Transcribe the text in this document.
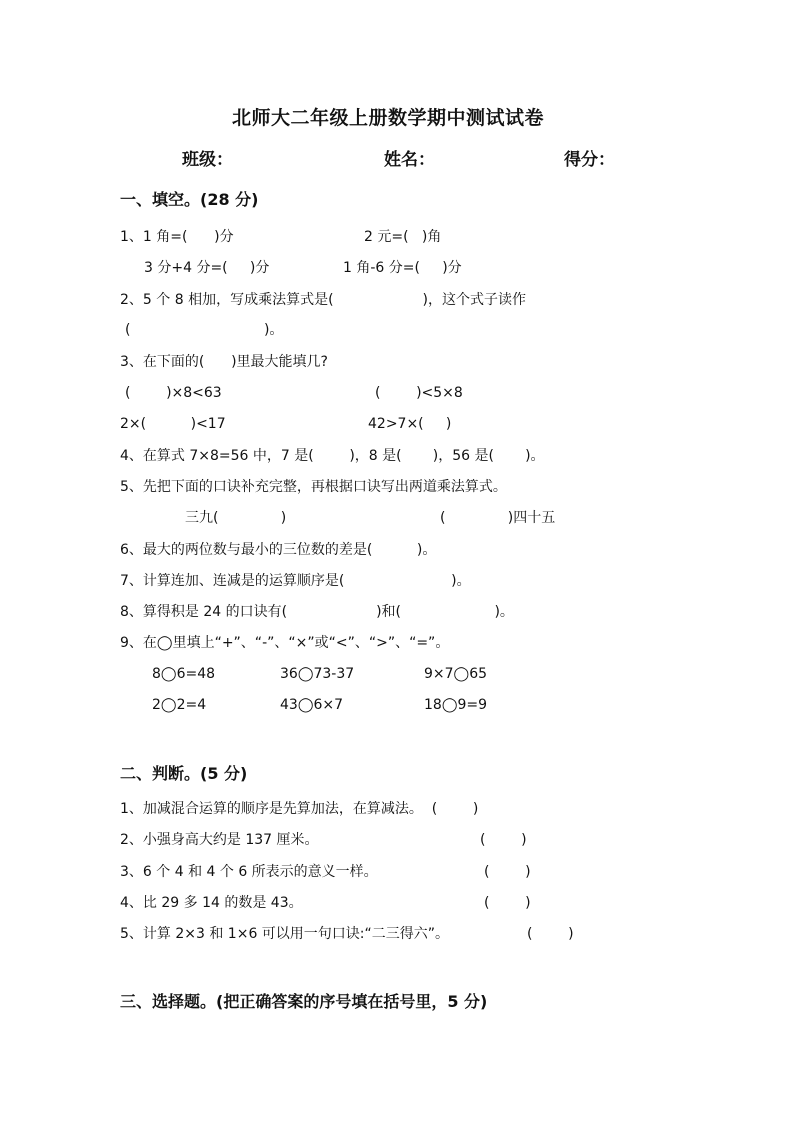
北师大二年级上册数学期中测试试卷
班级：	姓名：	得分：
一、填空。(28 分)
1、1 角=(      )分	2 元=(   )角
3 分+4 分=(     )分	1 角-6 分=(     )分
2、5 个 8 相加，写成乘法算式是(                    )，这个式子读作
(                              )。
3、在下面的(      )里最大能填几?
(        )×8<63	(        )<5×8
2×(          )<17	42>7×(     )
4、在算式 7×8=56 中，7 是(        )，8 是(       )，56 是(       )。
5、先把下面的口诀补充完整，再根据口诀写出两道乘法算式。
三九(              )	(              )四十五
6、最大的两位数与最小的三位数的差是(          )。
7、计算连加、连减是的运算顺序是(                        )。
8、算得积是 24 的口诀有(                    )和(                     )。
9、在◯里填上“+”、“-”、“×”或“<”、“>”、“=”。
8◯6=48	36◯73-37	9×7◯65
2◯2=4	43◯6×7	18◯9=9
二、判断。(5 分)
1、加减混合运算的顺序是先算加法，在算减法。  (        )
2、小强身高大约是 137 厘米。	(        )
3、6 个 4 和 4 个 6 所表示的意义一样。	(        )
4、比 29 多 14 的数是 43。	(        )
5、计算 2×3 和 1×6 可以用一句口诀:“二三得六”。	(        )
三、选择题。(把正确答案的序号填在括号里，5 分)
